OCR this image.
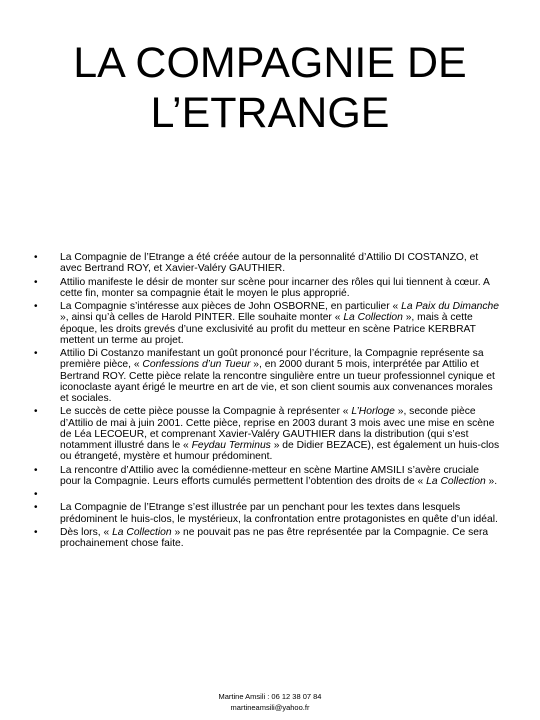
LA COMPAGNIE DE
L’ETRANGE
• La Compagnie de l’Etrange a été créée autour de la personnalité d’Attilio DI COSTANZO, et avec Bertrand ROY, et Xavier-Valéry GAUTHIER.
• Attilio manifeste le désir de monter sur scène pour incarner des rôles qui lui tiennent à cœur. A cette fin, monter sa compagnie était le moyen le plus approprié.
• La Compagnie s’intéresse aux pièces de John OSBORNE, en particulier « La Paix du Dimanche », ainsi qu’à celles de Harold PINTER. Elle souhaite monter « La Collection », mais à cette époque, les droits grevés d’une exclusivité au profit du metteur en scène Patrice KERBRAT mettent un terme au projet.
• Attilio Di Costanzo manifestant un goût prononcé pour l’écriture, la Compagnie représente sa première pièce, « Confessions d’un Tueur », en 2000 durant 5 mois, interprétée par Attilio et Bertrand ROY. Cette pièce relate la rencontre singulière entre un tueur professionnel cynique et iconoclaste ayant érigé le meurtre en art de vie, et son client soumis aux convenances morales et sociales.
• Le succès de cette pièce pousse la Compagnie à représenter « L’Horloge », seconde pièce d’Attilio de mai à juin 2001. Cette pièce, reprise en 2003 durant 3 mois avec une mise en scène de Léa LECOEUR, et comprenant Xavier-Valéry GAUTHIER dans la distribution (qui s’est notamment illustré dans le « Feydau Terminus » de Didier BEZACE), est également un huis-clos ou étrangeté, mystère et humour prédominent.
• La rencontre d’Attilio avec la comédienne-metteur en scène Martine AMSILI s’avère cruciale pour la Compagnie. Leurs efforts cumulés permettent l’obtention des droits de « La Collection ».
•
• La Compagnie de l’Etrange s’est illustrée par un penchant pour les textes dans lesquels prédominent le huis-clos, le mystérieux, la confrontation entre protagonistes en quête d’un idéal.
• Dès lors, « La Collection » ne pouvait pas ne pas être représentée par la Compagnie. Ce sera prochainement chose faite.
Martine Amsili : 06 12 38 07 84
martineamsili@yahoo.fr
